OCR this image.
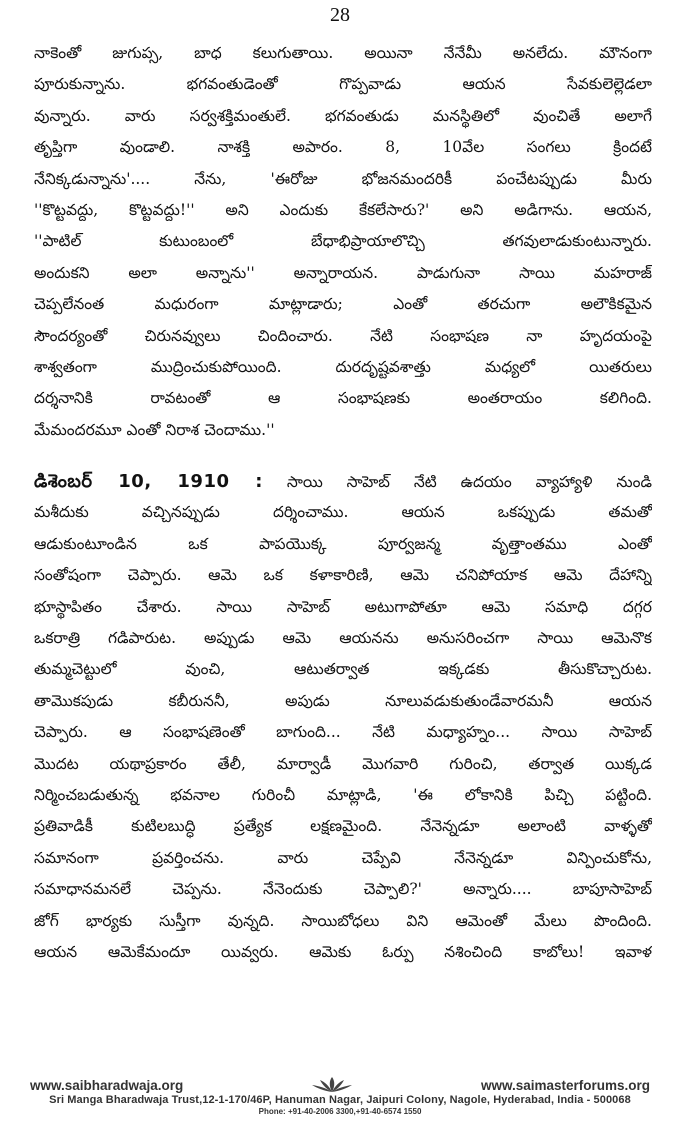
28
నాకెంతో జుగుప్స, బాధ కలుగుతాయి. అయినా నేనేమీ అనలేదు. మౌనంగా
పూరుకున్నాను. భగవంతుడెంతో గొప్పవాడు ఆయన సేవకులెల్లెడలా
వున్నారు. వారు సర్వశక్తిమంతులే. భగవంతుడు మనస్థితిలో వుంచితే అలాగే
తృప్తిగా వుండాలి. నాశక్తి అపారం. 8, 10వేల సంగలు క్రిందటే
నేనిక్కడున్నాను'.... నేను, 'ఈరోజు భోజనమందరికీ పంచేటప్పుడు మీరు
''కొట్టవద్దు, కొట్టవద్దు!'' అని ఎందుకు కేకలేసారు?' అని అడిగాను. ఆయన,
''పాటిల్ కుటుంబంలో బేధాభిప్రాయాలొచ్చి తగవులాడుకుంటున్నారు.
అందుకని అలా అన్నాను'' అన్నారాయన. పాడుగునా సాయి మహరాజ్
చెప్పలేనంత మధురంగా మాట్లాడారు; ఎంతో తరచుగా అలౌకికమైన
సౌందర్యంతో చిరునవ్వులు చిందించారు. నేటి సంభాషణ నా హృదయంపై
శాశ్వతంగా ముద్రించుకుపోయింది. దురదృష్టవశాత్తు మధ్యలో యితరులు
దర్శనానికి రావటంతో ఆ సంభాషణకు అంతరాయం కలిగింది.
మేమందరమూ ఎంతో నిరాశ చెందాము.''
డిశెంబర్ 10, 1910 : సాయి సాహెబ్ నేటి ఉదయం వ్యాహ్యాళి నుండి
మశీదుకు వచ్చినప్పుడు దర్శించాము. ఆయన ఒకప్పుడు తమతో
ఆడుకుంటూండిన ఒక పాపయొక్క పూర్వజన్మ వృత్తాంతము ఎంతో
సంతోషంగా చెప్పారు. ఆమె ఒక కళాకారిణి, ఆమె చనిపోయాక ఆమె దేహాన్ని
భూస్థాపితం చేశారు. సాయి సాహెబ్ అటుగాపోతూ ఆమె సమాధి దగ్గర
ఒకరాత్రి గడిపారుట. అప్పుడు ఆమె ఆయనను అనుసరించగా సాయి ఆమెనొక
తుమ్మచెట్టులో వుంచి, ఆటుతర్వాత ఇక్కడకు తీసుకొచ్చారుట.
తామొకపుడు కబీరుననీ, అపుడు నూలువడుకుతుండేవారమనీ ఆయన
చెప్పారు. ఆ సంభాషణెంతో బాగుంది... నేటి మధ్యాహ్నం... సాయి సాహెబ్
మొదట యథాప్రకారం తేలీ, మార్వాడీ మొగవారి గురించి, తర్వాత యిక్కడ
నిర్మించబడుతున్న భవనాల గురించీ మాట్లాడి, 'ఈ లోకానికి పిచ్చి పట్టింది.
ప్రతివాడికీ కుటిలబుద్ధి ప్రత్యేక లక్షణమైంది. నేనెన్నడూ అలాంటి వాళ్ళతో
సమానంగా ప్రవర్తించను. వారు చెప్పేవి నేనెన్నడూ విన్పించుకోను,
సమాధానమనలే చెప్పను. నేనెందుకు చెప్పాలి?' అన్నారు.... బాపూసాహెబ్
జోగ్ భార్యకు సుస్తీగా వున్నది. సాయిబోధలు విని ఆమెంతో మేలు పొందింది.
ఆయన ఆమెకేమందూ యివ్వరు. ఆమెకు ఓర్పు నశించింది కాబోలు! ఇవాళ
www.saibharadwaja.org	www.saimasterforums.org
Sri Manga Bharadwaja Trust,12-1-170/46P, Hanuman Nagar, Jaipuri Colony, Nagole, Hyderabad, India - 500068
Phone: +91-40-2006 3300,+91-40-6574 1550
